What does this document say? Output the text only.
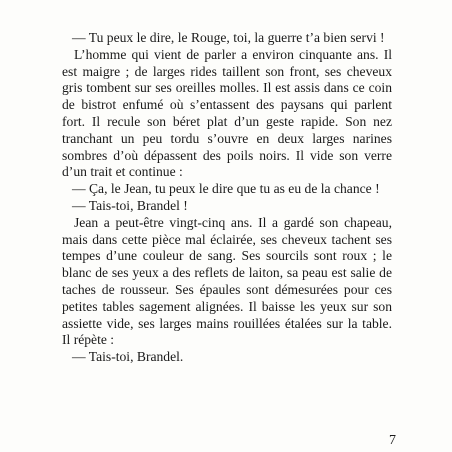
— Tu peux le dire, le Rouge, toi, la guerre t’a bien servi !

L’homme qui vient de parler a environ cinquante ans. Il est maigre ; de larges rides taillent son front, ses cheveux gris tombent sur ses oreilles molles. Il est assis dans ce coin de bistrot enfumé où s’entassent des paysans qui parlent fort. Il recule son béret plat d’un geste rapide. Son nez tranchant un peu tordu s’ouvre en deux larges narines sombres d’où dépassent des poils noirs. Il vide son verre d’un trait et continue :

— Ça, le Jean, tu peux le dire que tu as eu de la chance !

— Tais-toi, Brandel !

Jean a peut-être vingt-cinq ans. Il a gardé son chapeau, mais dans cette pièce mal éclairée, ses cheveux tachent ses tempes d’une couleur de sang. Ses sourcils sont roux ; le blanc de ses yeux a des reflets de laiton, sa peau est salie de taches de rousseur. Ses épaules sont démesurées pour ces petites tables sagement alignées. Il baisse les yeux sur son assiette vide, ses larges mains rouillées étalées sur la table. Il répète :

— Tais-toi, Brandel.

7
